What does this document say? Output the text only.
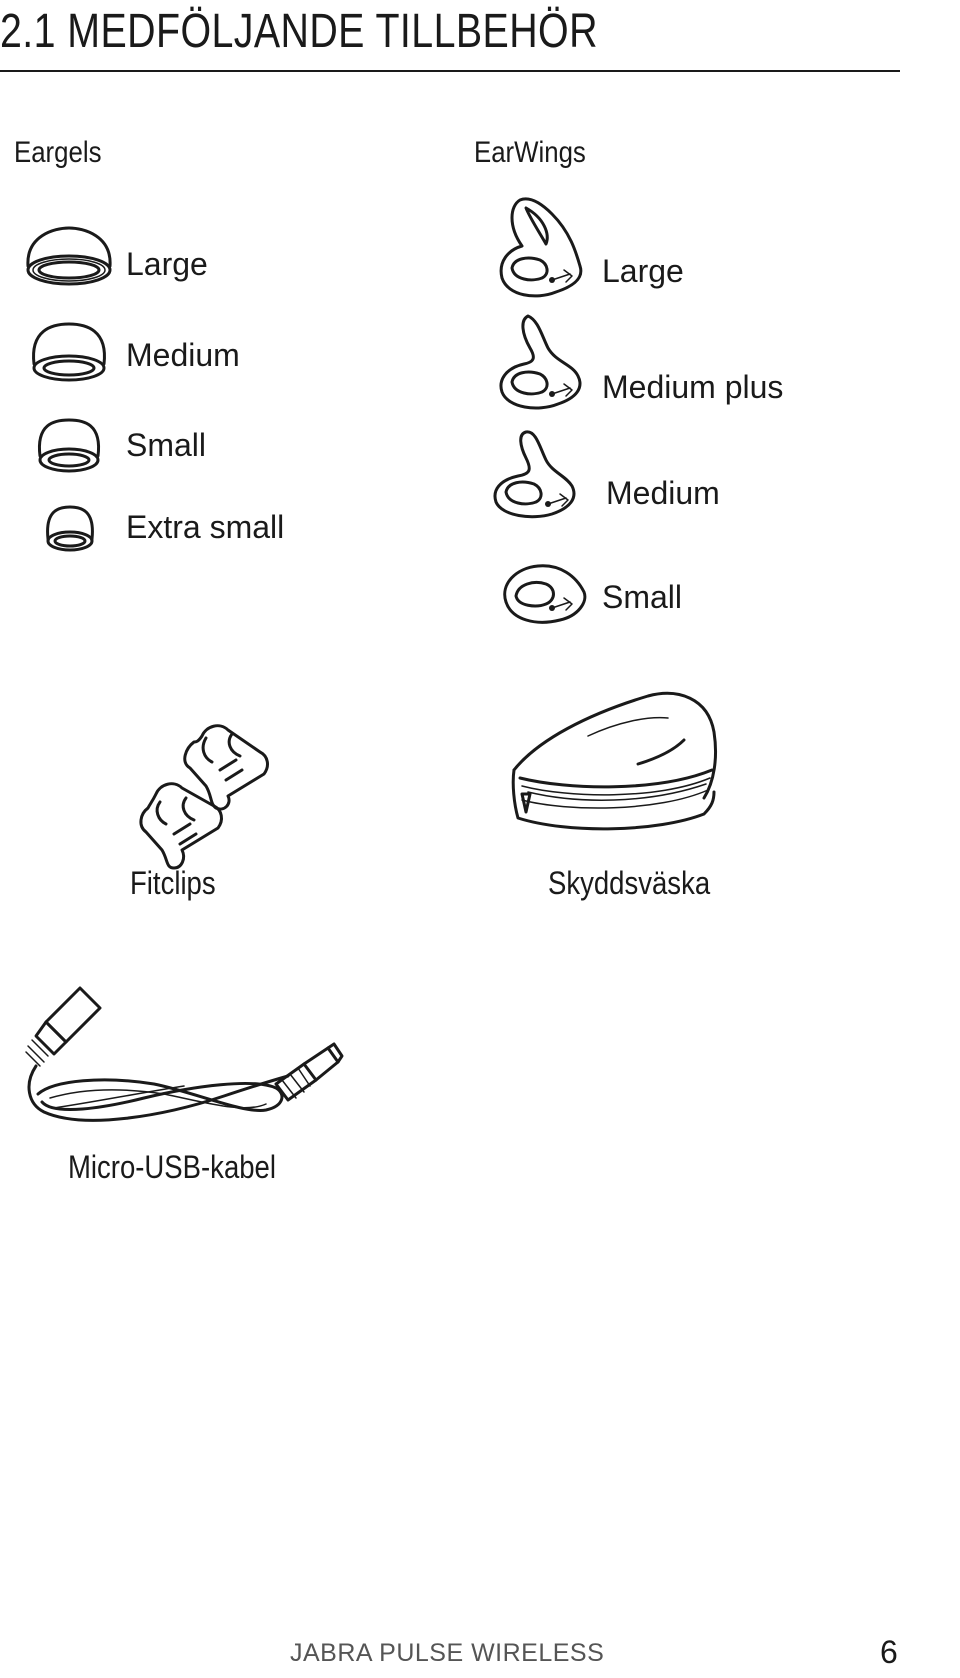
2.1 MEDFÖLJANDE TILLBEHÖR
Eargels	EarWings
Large
Medium
Small
Extra small
Large
Medium plus
Medium
Small
Fitclips	Skyddsväska
Micro-USB-kabel
JABRA PULSE WIRELESS	6
